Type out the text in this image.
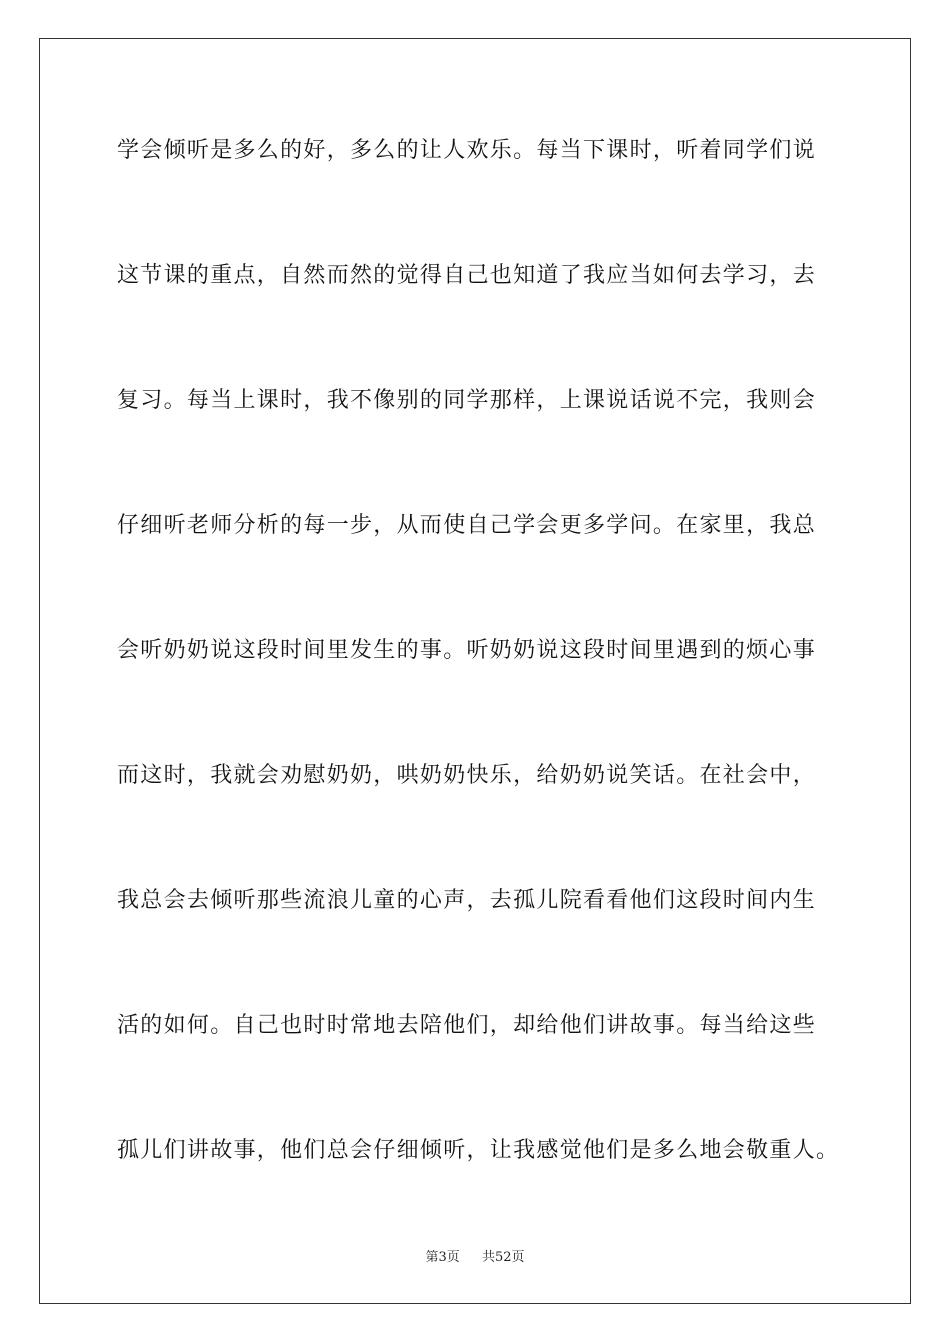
学会倾听是多么的好，多么的让人欢乐。每当下课时，听着同学们说
这节课的重点，自然而然的觉得自己也知道了我应当如何去学习，去
复习。每当上课时，我不像别的同学那样，上课说话说不完，我则会
仔细听老师分析的每一步，从而使自己学会更多学问。在家里，我总
会听奶奶说这段时间里发生的事。听奶奶说这段时间里遇到的烦心事
而这时，我就会劝慰奶奶，哄奶奶快乐，给奶奶说笑话。在社会中，
我总会去倾听那些流浪儿童的心声，去孤儿院看看他们这段时间内生
活的如何。自己也时时常地去陪他们，却给他们讲故事。每当给这些
孤儿们讲故事，他们总会仔细倾听，让我感觉他们是多么地会敬重人。
第3页 共52页
